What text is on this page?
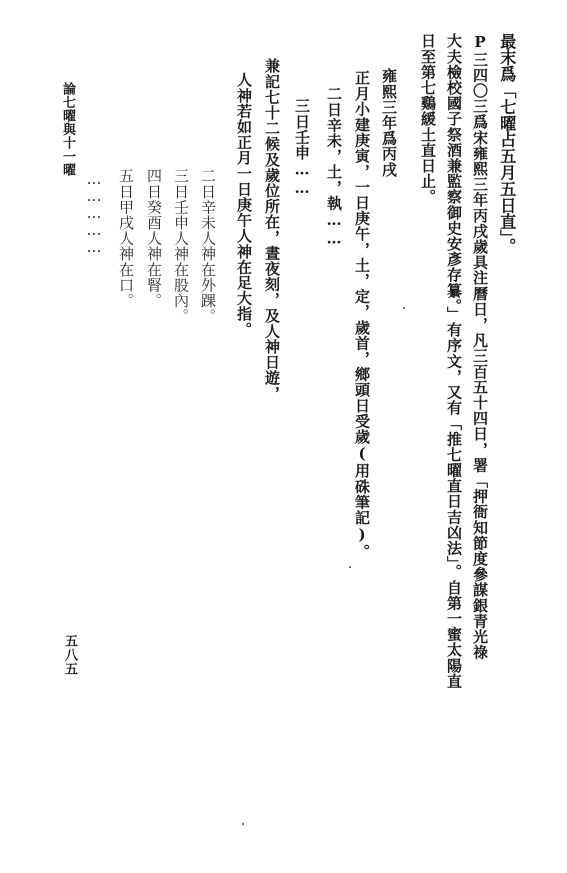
最末爲「七曜占五月五日直」。
P三四〇三爲宋雍熙三年丙戌歲具注曆日，凡三百五十四日，署「押衙知節度參謀銀青光祿
大夫檢校國子祭酒兼監察御史安彥存纂。」有序文，又有「推七曜直日吉凶法」。自第一蜜太陽直
日至第七鷄緩土直日止。
雍熙三年爲丙戌
正月小建庚寅，一日庚午，土，定，歲首，鄉頭日受歲(用硃筆記)。
二日辛未，土，執……
三日壬申……
兼記七十二候及歲位所在，晝夜刻，及人神日遊，
人神若如正月一日庚午人神在足大指。
二日辛未人神在外踝。
三日壬申人神在股內。
四日癸酉人神在腎。
五日甲戌人神在口。
……………
論七曜與十一曜
五八五
